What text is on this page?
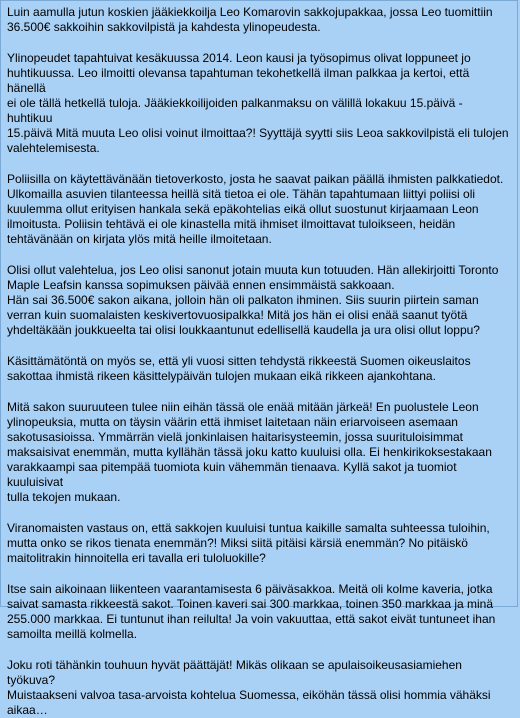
Luin aamulla jutun koskien jääkiekkoilja Leo Komarovin sakkojupakkaa, jossa Leo tuomittiin
36.500€ sakkoihin sakkovilpistä ja kahdesta ylinopeudesta.

Ylinopeudet tapahtuivat kesäkuussa 2014. Leon kausi ja työsopimus olivat loppuneet jo
huhtikuussa. Leo ilmoitti olevansa tapahtuman tekohetkellä ilman palkkaa ja kertoi, että hänellä
ei ole tällä hetkellä tuloja. Jääkiekkoilijoiden palkanmaksu on välillä lokakuu 15.päivä - huhtikuu
15.päivä Mitä muuta Leo olisi voinut ilmoittaa?! Syyttäjä syytti siis Leoa sakkovilpistä eli tulojen
valehtelemisesta.

Poliisilla on käytettävänään tietoverkosto, josta he saavat paikan päällä ihmisten palkkatiedot.
Ulkomailla asuvien tilanteessa heillä sitä tietoa ei ole. Tähän tapahtumaan liittyi poliisi oli
kuulemma ollut erityisen hankala sekä epäkohtelias eikä ollut suostunut kirjaamaan Leon
ilmoitusta. Poliisin tehtävä ei ole kinastella mitä ihmiset ilmoittavat tuloikseen, heidän
tehtävänään on kirjata ylös mitä heille ilmoitetaan.

Olisi ollut valehtelua, jos Leo olisi sanonut jotain muuta kun totuuden. Hän allekirjoitti Toronto
Maple Leafsin kanssa sopimuksen päivää ennen ensimmäistä sakkoaan.
Hän sai 36.500€ sakon aikana, jolloin hän oli palkaton ihminen. Siis suurin piirtein saman
verran kuin suomalaisten keskivertovuosipalkka! Mitä jos hän ei olisi enää saanut työtä
yhdeltäkään joukkueelta tai olisi loukkaantunut edellisellä kaudella ja ura olisi ollut loppu?

Käsittämätöntä on myös se, että yli vuosi sitten tehdystä rikkeestä Suomen oikeuslaitos
sakottaa ihmistä rikeen käsittelypäivän tulojen mukaan eikä rikkeen ajankohtana.

Mitä sakon suuruuteen tulee niin eihän tässä ole enää mitään järkeä! En puolustele Leon
ylinopeuksia, mutta on täysin väärin että ihmiset laitetaan näin eriarvoiseen asemaan
sakotusasioissa. Ymmärrän vielä jonkinlaisen haitarisysteemin, jossa suurituloisimmat
maksaisivat enemmän, mutta kyllähän tässä joku katto kuuluisi olla. Ei henkirikoksestakaan
varakkaampi saa pitempää tuomiota kuin vähemmän tienaava. Kyllä sakot ja tuomiot kuuluisivat
tulla tekojen mukaan.

Viranomaisten vastaus on, että sakkojen kuuluisi tuntua kaikille samalta suhteessa tuloihin,
mutta onko se rikos tienata enemmän?! Miksi siitä pitäisi kärsiä enemmän? No pitäiskö
maitolitrakin hinnoitella eri tavalla eri tuloluokille?

Itse sain aikoinaan liikenteen vaarantamisesta 6 päiväsakkoa. Meitä oli kolme kaveria, jotka
saivat samasta rikkeestä sakot. Toinen kaveri sai 300 markkaa, toinen 350 markkaa ja minä
255.000 markkaa. Ei tuntunut ihan reilulta! Ja voin vakuuttaa, että sakot eivät tuntuneet ihan
samoilta meillä kolmella.

Joku roti tähänkin touhuun hyvät päättäjät! Mikäs olikaan se apulaisoikeusasiamiehen työkuva?
Muistaakseni valvoa tasa-arvoista kohtelua Suomessa, eiköhän tässä olisi hommia vähäksi
aikaa…
